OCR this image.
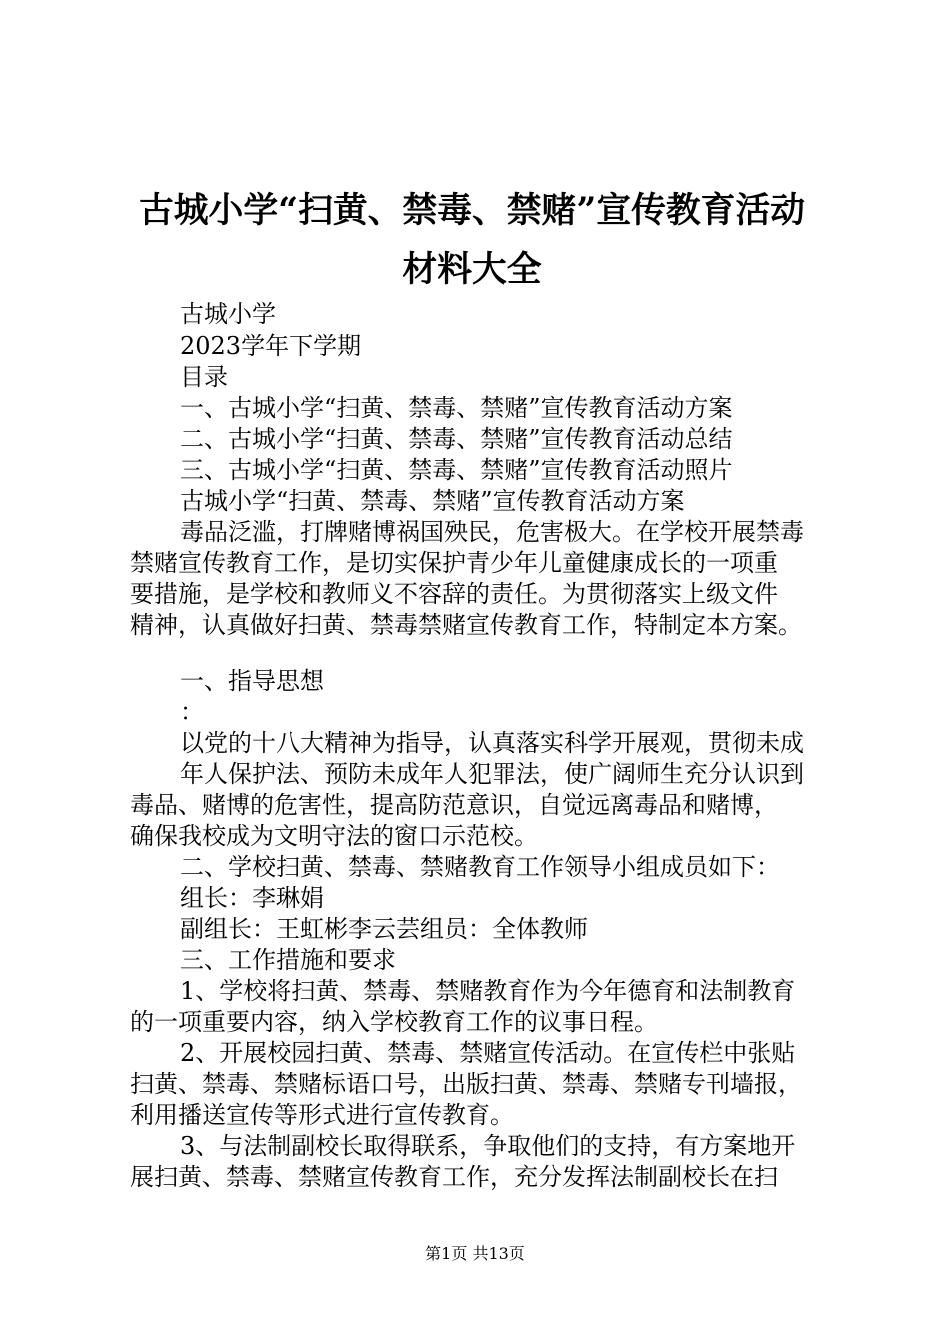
古城小学“扫黄、禁毒、禁赌”宣传教育活动
材料大全
古城小学
2023学年下学期
目录
一、古城小学“扫黄、禁毒、禁赌”宣传教育活动方案
二、古城小学“扫黄、禁毒、禁赌”宣传教育活动总结
三、古城小学“扫黄、禁毒、禁赌”宣传教育活动照片
古城小学“扫黄、禁毒、禁赌”宣传教育活动方案
毒品泛滥，打牌赌博祸国殃民，危害极大。在学校开展禁毒
禁赌宣传教育工作，是切实保护青少年儿童健康成长的一项重
要措施，是学校和教师义不容辞的责任。为贯彻落实上级文件
精神，认真做好扫黄、禁毒禁赌宣传教育工作，特制定本方案。
一、指导思想
：
以党的十八大精神为指导，认真落实科学开展观，贯彻未成
年人保护法、预防未成年人犯罪法，使广阔师生充分认识到
毒品、赌博的危害性，提高防范意识，自觉远离毒品和赌博，
确保我校成为文明守法的窗口示范校。
二、学校扫黄、禁毒、禁赌教育工作领导小组成员如下：
组长：李琳娟
副组长：王虹彬李云芸组员：全体教师
三、工作措施和要求
1、学校将扫黄、禁毒、禁赌教育作为今年德育和法制教育
的一项重要内容，纳入学校教育工作的议事日程。
2、开展校园扫黄、禁毒、禁赌宣传活动。在宣传栏中张贴
扫黄、禁毒、禁赌标语口号，出版扫黄、禁毒、禁赌专刊墙报，
利用播送宣传等形式进行宣传教育。
3、与法制副校长取得联系，争取他们的支持，有方案地开
展扫黄、禁毒、禁赌宣传教育工作，充分发挥法制副校长在扫
第1页 共13页
